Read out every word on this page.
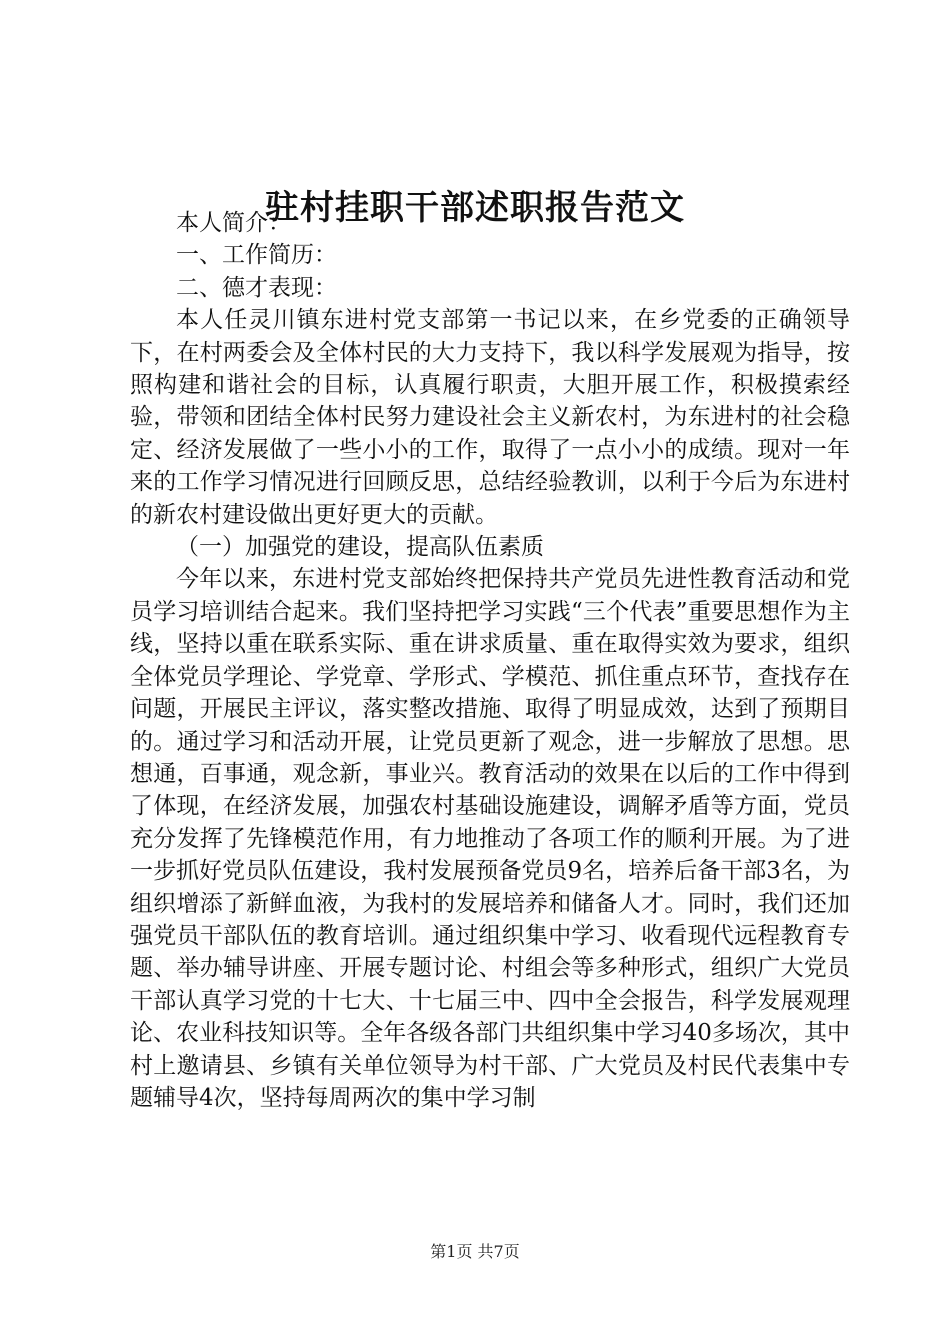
驻村挂职干部述职报告范文

本人简介：

一、工作简历：

二、德才表现：

本人任灵川镇东进村党支部第一书记以来，在乡党委的正确领导下，在村两委会及全体村民的大力支持下，我以科学发展观为指导，按照构建和谐社会的目标，认真履行职责，大胆开展工作，积极摸索经验，带领和团结全体村民努力建设社会主义新农村，为东进村的社会稳定、经济发展做了一些小小的工作，取得了一点小小的成绩。现对一年来的工作学习情况进行回顾反思，总结经验教训，以利于今后为东进村的新农村建设做出更好更大的贡献。

（一）加强党的建设，提高队伍素质

今年以来，东进村党支部始终把保持共产党员先进性教育活动和党员学习培训结合起来。我们坚持把学习实践“三个代表”重要思想作为主线，坚持以重在联系实际、重在讲求质量、重在取得实效为要求，组织全体党员学理论、学党章、学形式、学模范、抓住重点环节，查找存在问题，开展民主评议，落实整改措施、取得了明显成效，达到了预期目的。通过学习和活动开展，让党员更新了观念，进一步解放了思想。思想通，百事通，观念新，事业兴。教育活动的效果在以后的工作中得到了体现，在经济发展，加强农村基础设施建设，调解矛盾等方面，党员充分发挥了先锋模范作用，有力地推动了各项工作的顺利开展。为了进一步抓好党员队伍建设，我村发展预备党员9名，培养后备干部3名，为组织增添了新鲜血液，为我村的发展培养和储备人才。同时，我们还加强党员干部队伍的教育培训。通过组织集中学习、收看现代远程教育专题、举办辅导讲座、开展专题讨论、村组会等多种形式，组织广大党员干部认真学习党的十七大、十七届三中、四中全会报告，科学发展观理论、农业科技知识等。全年各级各部门共组织集中学习40多场次，其中村上邀请县、乡镇有关单位领导为村干部、广大党员及村民代表集中专题辅导4次，坚持每周两次的集中学习制

第1页 共7页
